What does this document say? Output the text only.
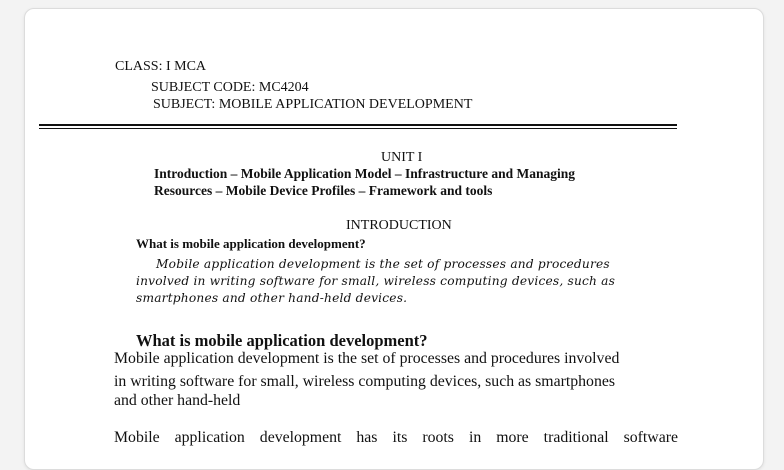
CLASS: I MCA
SUBJECT CODE: MC4204
SUBJECT: MOBILE APPLICATION DEVELOPMENT
UNIT I
Introduction – Mobile Application Model – Infrastructure and Managing
Resources – Mobile Device Profiles – Framework and tools
INTRODUCTION
What is mobile application development?
Mobile application development is the set of processes and procedures
involved in writing software for small, wireless computing devices, such as
smartphones and other hand-held devices.
What is mobile application development?
Mobile application development is the set of processes and procedures involved
in writing software for small, wireless computing devices, such as smartphones
and other hand-held
Mobile application development has its roots in more traditional software
